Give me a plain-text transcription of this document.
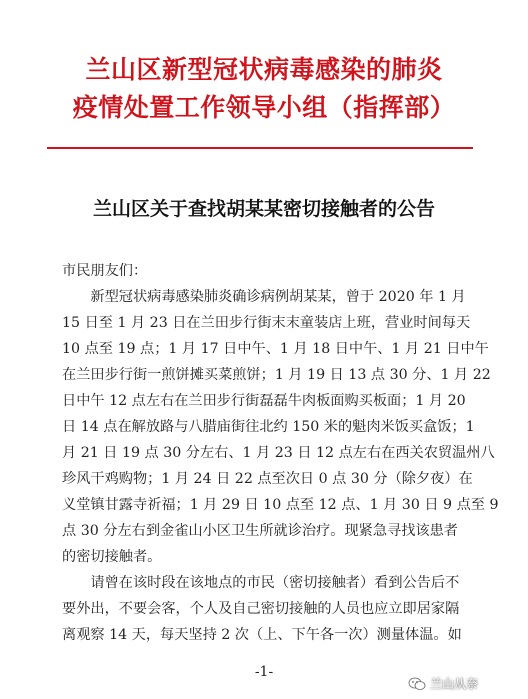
兰山区新型冠状病毒感染的肺炎
疫情处置工作领导小组（指挥部）
兰山区关于查找胡某某密切接触者的公告
市民朋友们：
　　新型冠状病毒感染肺炎确诊病例胡某某，曾于 2020 年 1 月
15 日至 1 月 23 日在兰田步行街末末童装店上班，营业时间每天
10 点至 19 点；1 月 17 日中午、1 月 18 日中午、1 月 21 日中午
在兰田步行街一煎饼摊买菜煎饼；1 月 19 日 13 点 30 分、1 月 22
日中午 12 点左右在兰田步行街磊磊牛肉板面购买板面；1 月 20
日 14 点在解放路与八腊庙街往北约 150 米的魁肉米饭买盒饭；1
月 21 日 19 点 30 分左右、1 月 23 日 12 点左右在西关农贸温州八
珍风干鸡购物；1 月 24 日 22 点至次日 0 点 30 分（除夕夜）在
义堂镇甘露寺祈福；1 月 29 日 10 点至 12 点、1 月 30 日 9 点至 9
点 30 分左右到金雀山小区卫生所就诊治疗。现紧急寻找该患者
的密切接触者。
　　请曾在该时段在该地点的市民（密切接触者）看到公告后不
要外出，不要会客，个人及自己密切接触的人员也应立即居家隔
离观察 14 天，每天坚持 2 次（上、下午各一次）测量体温。如
-1-
兰山从奈
